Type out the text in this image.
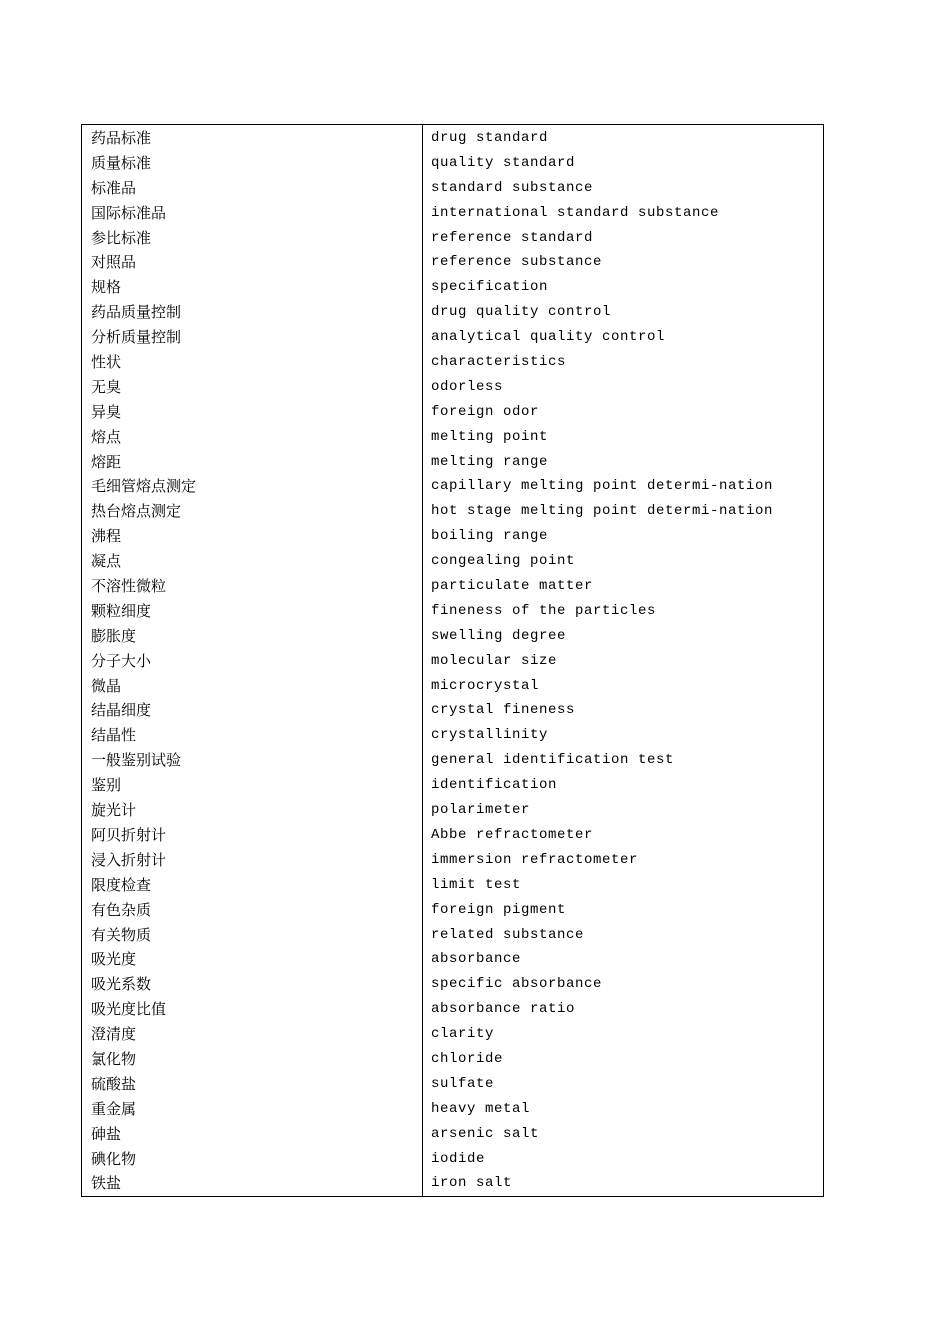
药品标准
质量标准
标准品
国际标准品
参比标准
对照品
规格
药品质量控制
分析质量控制
性状
无臭
异臭
熔点
熔距
毛细管熔点测定
热台熔点测定
沸程
凝点
不溶性微粒
颗粒细度
膨胀度
分子大小
微晶
结晶细度
结晶性
一般鉴别试验
鉴别
旋光计
阿贝折射计
浸入折射计
限度检查
有色杂质
有关物质
吸光度
吸光系数
吸光度比值
澄清度
氯化物
硫酸盐
重金属
砷盐
碘化物
铁盐
drug standard
quality standard
standard substance
international standard substance
reference standard
reference substance
specification
drug quality control
analytical quality control
characteristics
odorless
foreign odor
melting point
melting range
capillary melting point determi-nation
hot stage melting point determi-nation
boiling range
congealing point
particulate matter
fineness of the particles
swelling degree
molecular size
microcrystal
crystal fineness
crystallinity
general identification test
identification
polarimeter
Abbe refractometer
immersion refractometer
limit test
foreign pigment
related substance
absorbance
specific absorbance
absorbance ratio
clarity
chloride
sulfate
heavy metal
arsenic salt
iodide
iron salt
